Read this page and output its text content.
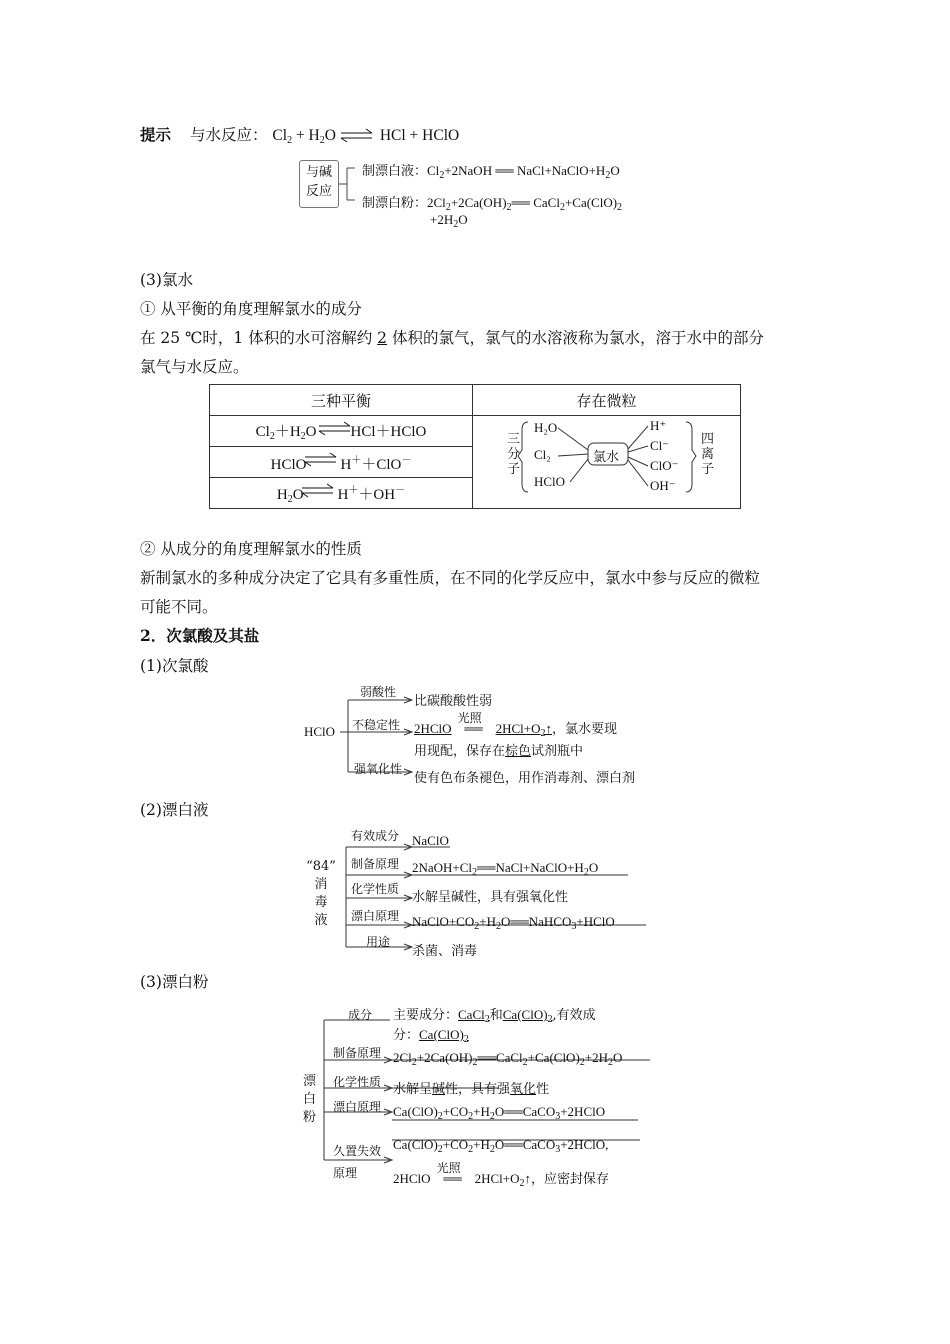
提示 与水反应： $Cl_2 + H_2O$	HCl + HClO
与碱
反应
制漂白液：$Cl_2+2NaOH$ ══ $NaCl+NaClO+H_2O$
制漂白粉：$2Cl_2+2Ca(OH)_2══$ $CaCl_2+Ca(ClO)_2$
$+2H_2O$
(3)氯水
① 从平衡的角度理解氯水的成分
在 25 ℃时，1 体积的水可溶解约 2 体积的氯气，氯气的水溶液称为氯水，溶于水中的部分
氯气与水反应。
三种平衡	存在微粒
$Cl_2+H_2O$ HCl＋HClO	
HClO H＋＋ClO－
$H_2O$ H＋＋OH－
三
分
子
四
离
子
H₂O
Cl₂
HClO
氯水
H⁺
Cl⁻
ClO⁻
OH⁻
② 从成分的角度理解氯水的性质
新制氯水的多种成分决定了它具有多重性质，在不同的化学反应中，氯水中参与反应的微粒
可能不同。
2．次氯酸及其盐
(1)次氯酸
HClO
弱酸性
比碳酸酸性弱
不稳定性 2HClO
光照
══ $2HCl+O_2↑$，氯水要现
用现配，保存在棕色试剂瓶中
强氧化性
使有色布条褪色，用作消毒剂、漂白剂
(2)漂白液
“84”
消
毒
液
有效成分 NaClO
制备原理 $2NaOH+Cl_2══NaCl+NaClO+H_2O$
化学性质
水解呈碱性，具有强氧化性
漂白原理 $NaClO+CO_2+H_2O══NaHCO_3+HClO$
用途
杀菌、消毒
(3)漂白粉
漂
白
粉
成分 主要成分：CaCl$_2$和$Ca(ClO)_2$,有效成
分：$Ca(ClO)_2$
制备原理 $2Cl_2+2Ca(OH)_2══CaCl_2+Ca(ClO)_2+2H_2O$
化学性质 水解呈碱性，具有强氧化性
漂白原理 $Ca(ClO)_2+CO_2+H_2O══CaCO_3+2HClO$
久置失效
原理
$Ca(ClO)_2+CO_2+H_2O══CaCO_3+2HClO$,
2HClO
光照
══ $2HCl+O_2↑$，应密封保存
